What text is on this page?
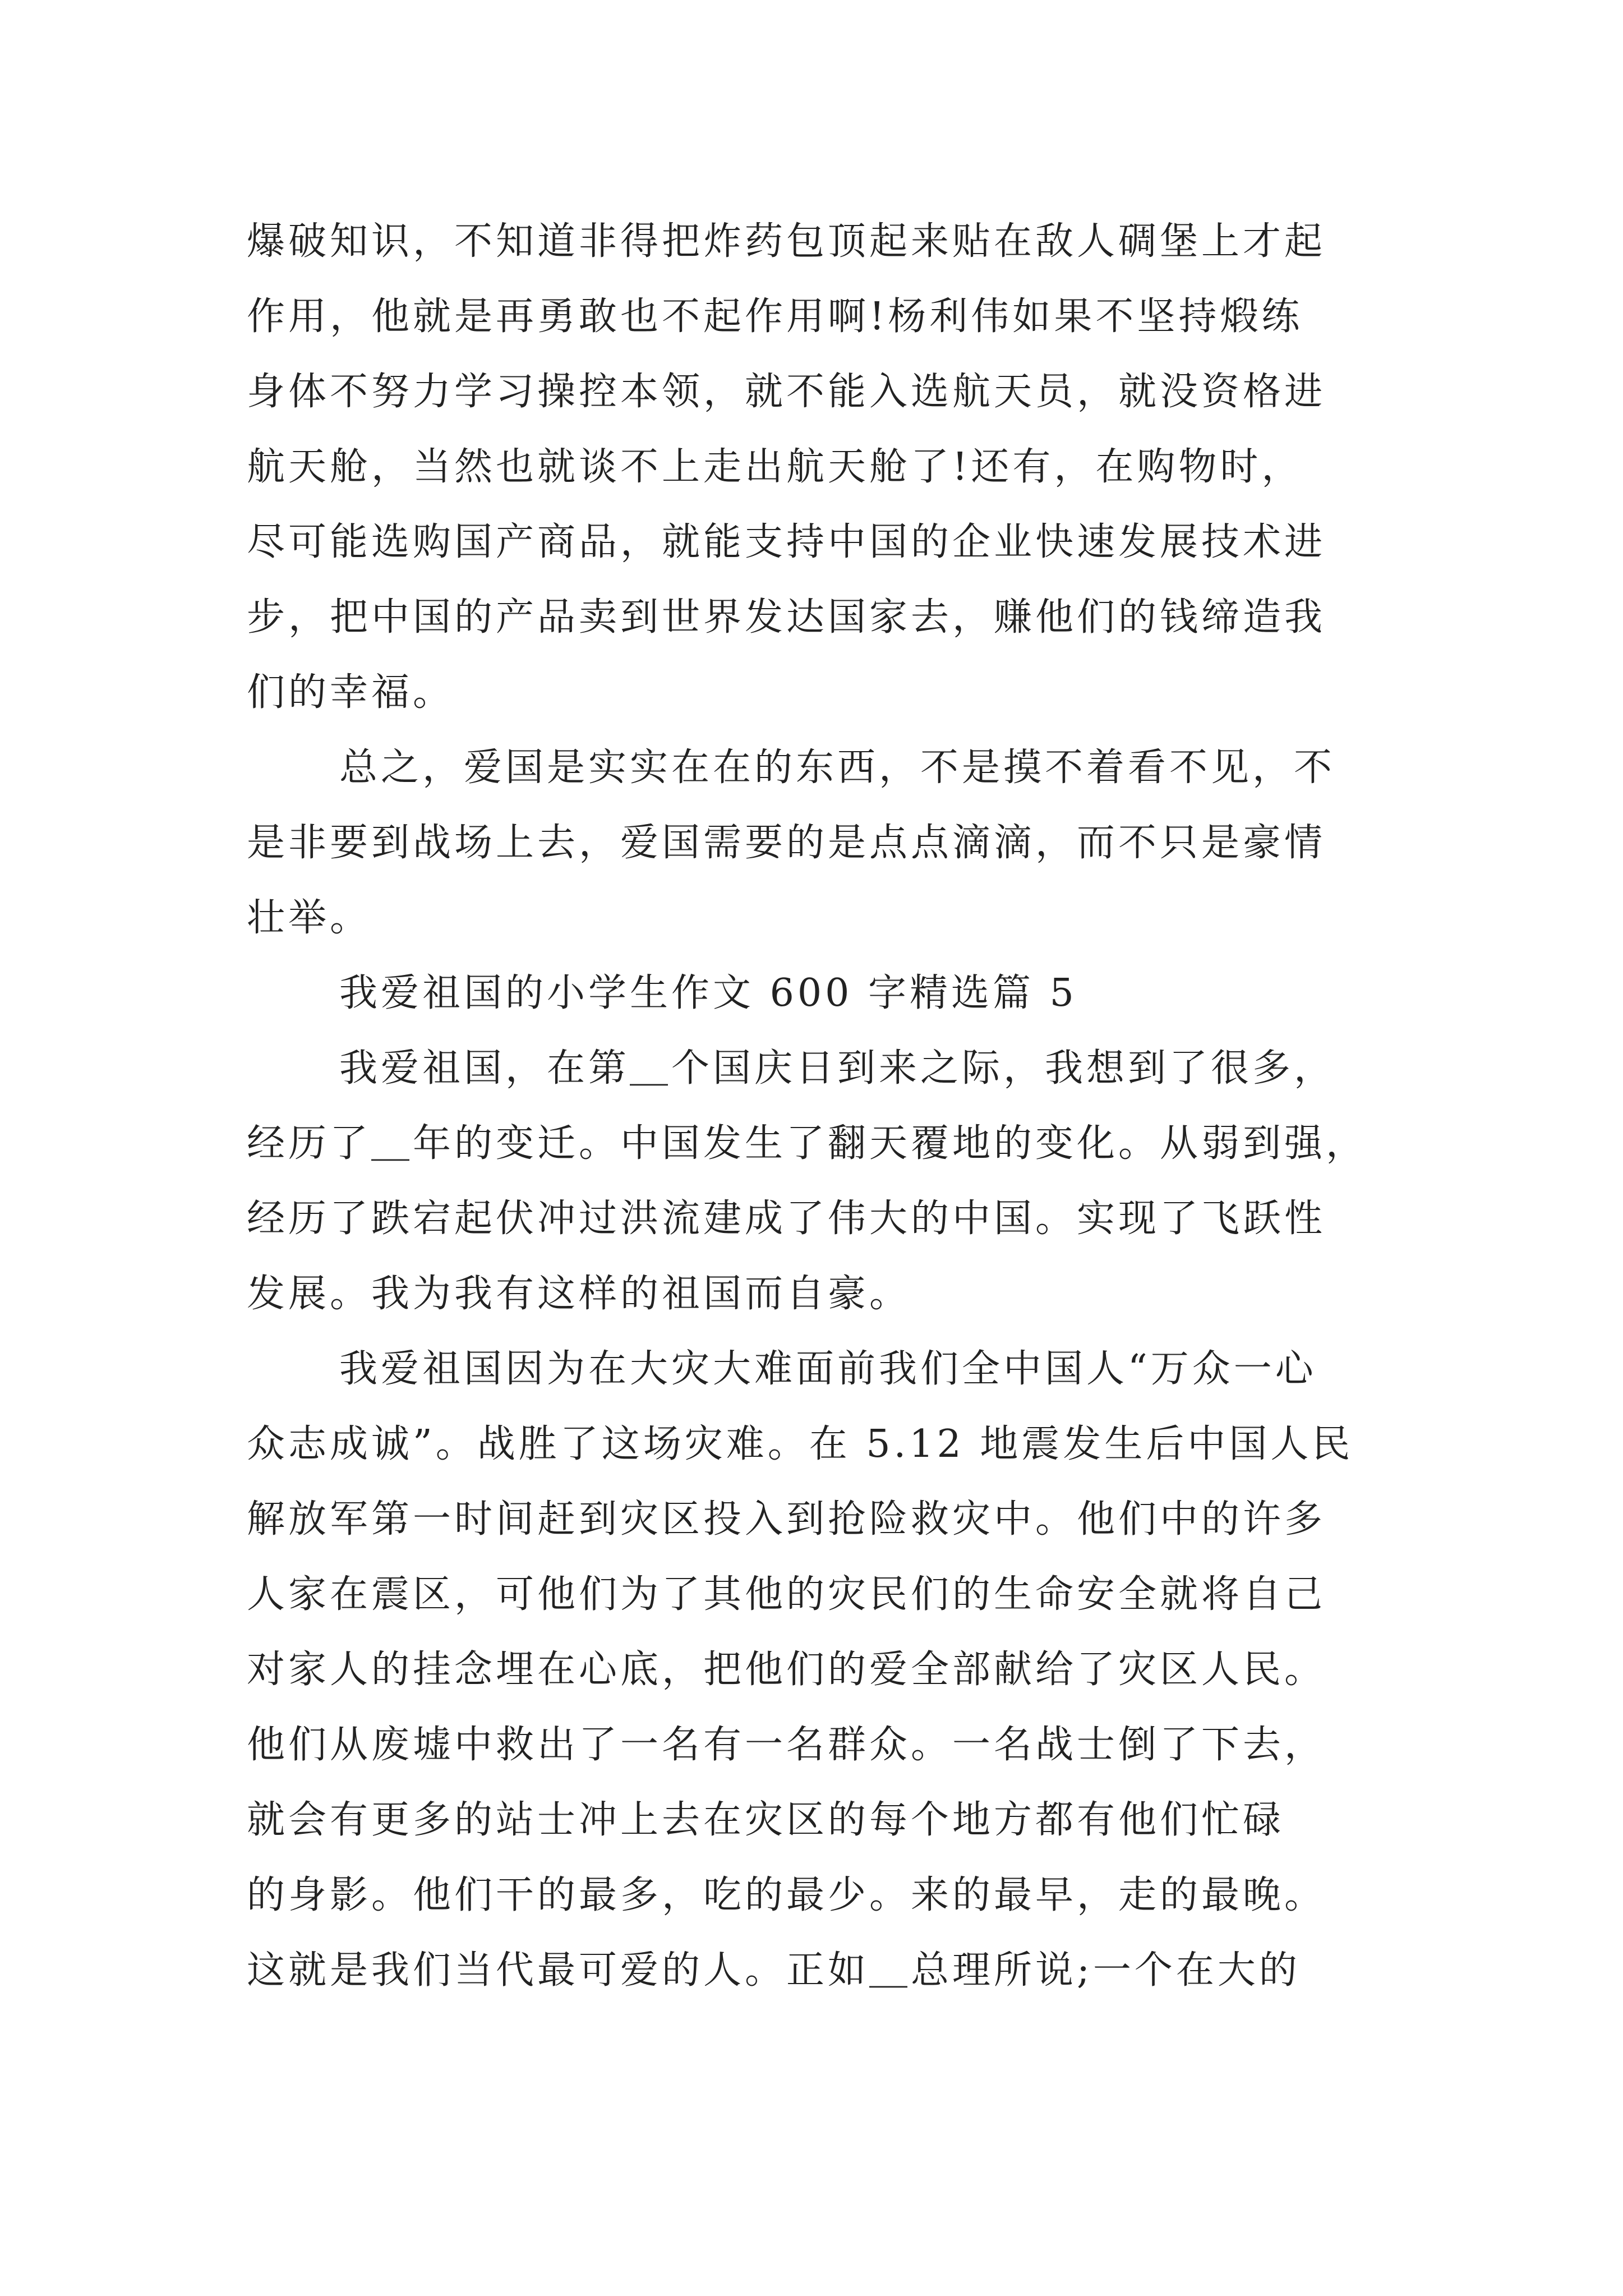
爆破知识，不知道非得把炸药包顶起来贴在敌人碉堡上才起
作用，他就是再勇敢也不起作用啊!杨利伟如果不坚持煅练
身体不努力学习操控本领，就不能入选航天员，就没资格进
航天舱，当然也就谈不上走出航天舱了!还有，在购物时，
尽可能选购国产商品，就能支持中国的企业快速发展技术进
步，把中国的产品卖到世界发达国家去，赚他们的钱缔造我
们的幸福。
总之，爱国是实实在在的东西，不是摸不着看不见，不
是非要到战场上去，爱国需要的是点点滴滴，而不只是豪情
壮举。
我爱祖国的小学生作文 600 字精选篇 5
我爱祖国，在第＿个国庆日到来之际，我想到了很多，
经历了＿年的变迁。中国发生了翻天覆地的变化。从弱到强，
经历了跌宕起伏冲过洪流建成了伟大的中国。实现了飞跃性
发展。我为我有这样的祖国而自豪。
我爱祖国因为在大灾大难面前我们全中国人“万众一心
众志成诚”。战胜了这场灾难。在 5.12 地震发生后中国人民
解放军第一时间赶到灾区投入到抢险救灾中。他们中的许多
人家在震区，可他们为了其他的灾民们的生命安全就将自己
对家人的挂念埋在心底，把他们的爱全部献给了灾区人民。
他们从废墟中救出了一名有一名群众。一名战士倒了下去，
就会有更多的站士冲上去在灾区的每个地方都有他们忙碌
的身影。他们干的最多，吃的最少。来的最早，走的最晚。
这就是我们当代最可爱的人。正如＿总理所说;一个在大的
